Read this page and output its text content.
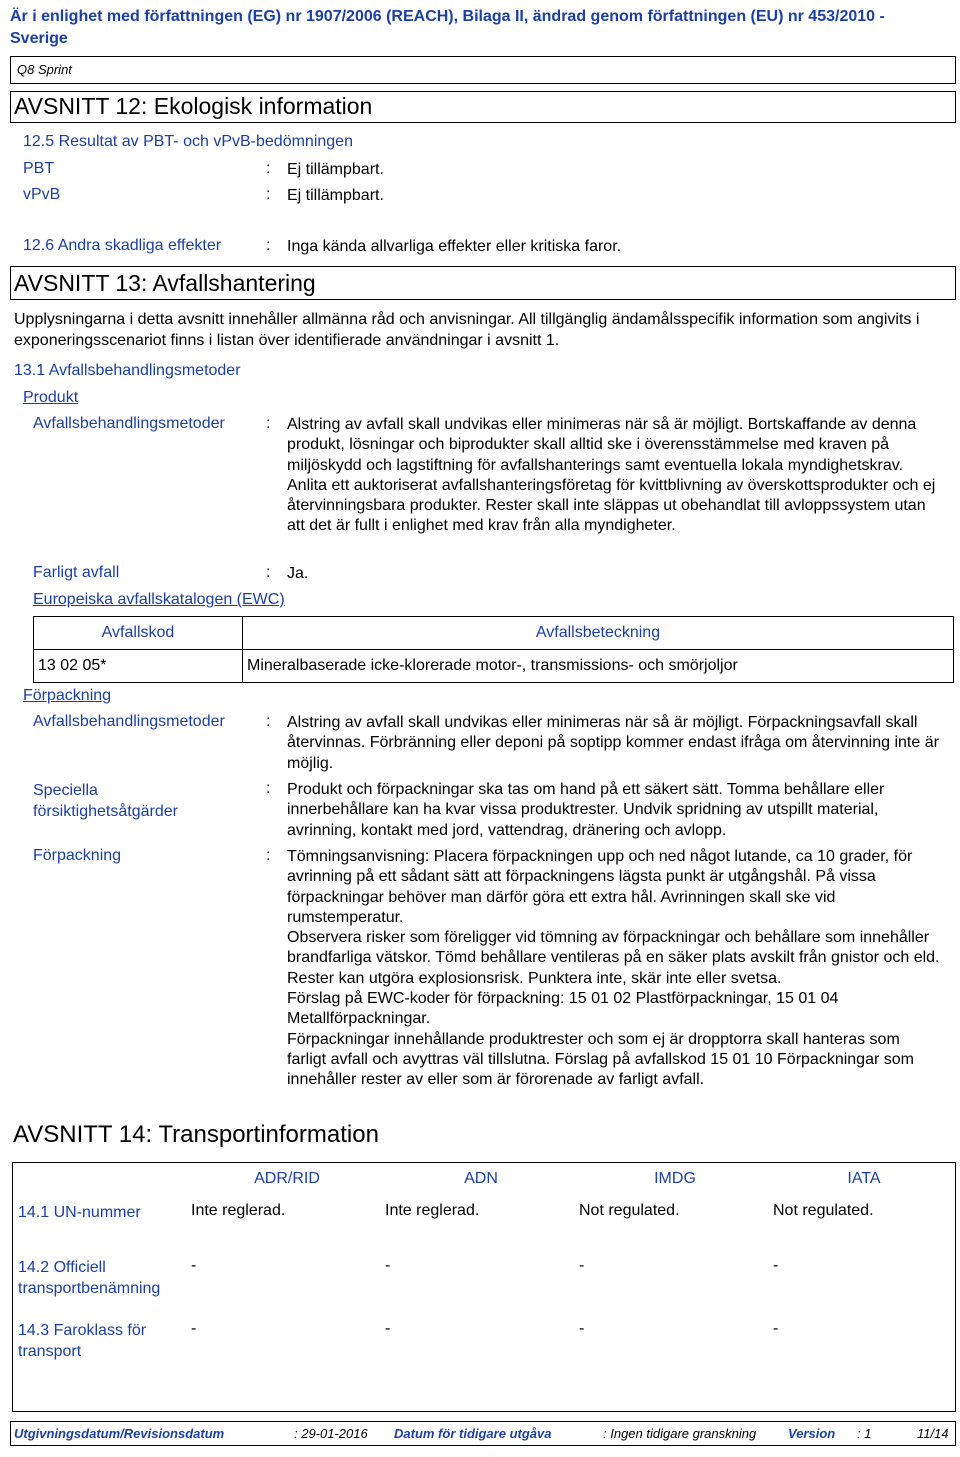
Är i enlighet med författningen (EG) nr 1907/2006 (REACH), Bilaga II, ändrad genom författningen (EU) nr 453/2010 - Sverige
Q8 Sprint
AVSNITT 12: Ekologisk information
12.5 Resultat av PBT- och vPvB-bedömningen
PBT	: Ej tillämpbart.
vPvB	: Ej tillämpbart.
12.6 Andra skadliga effekter	: Inga kända allvarliga effekter eller kritiska faror.
AVSNITT 13: Avfallshantering
Upplysningarna i detta avsnitt innehåller allmänna råd och anvisningar. All tillgänglig ändamålsspecifik information som angivits i exponeringsscenariot finns i listan över identifierade användningar i avsnitt 1.
13.1 Avfallsbehandlingsmetoder
Produkt
Avfallsbehandlingsmetoder	: Alstring av avfall skall undvikas eller minimeras när så är möjligt. Bortskaffande av denna produkt, lösningar och biprodukter skall alltid ske i överensstämmelse med kraven på miljöskydd och lagstiftning för avfallshanterings samt eventuella lokala myndighetskrav. Anlita ett auktoriserat avfallshanteringsföretag för kvittblivning av överskottsprodukter och ej återvinningsbara produkter. Rester skall inte släppas ut obehandlat till avloppssystem utan att det är fullt i enlighet med krav från alla myndigheter.
Farligt avfall	: Ja.
Europeiska avfallskatalogen (EWC)
Avfallskod	Avfallsbeteckning
13 02 05*	Mineralbaserade icke-klorerade motor-, transmissions- och smörjoljor
Förpackning
Avfallsbehandlingsmetoder	: Alstring av avfall skall undvikas eller minimeras när så är möjligt. Förpackningsavfall skall återvinnas. Förbränning eller deponi på soptipp kommer endast ifråga om återvinning inte är möjlig.
Speciella försiktighetsåtgärder
: Produkt och förpackningar ska tas om hand på ett säkert sätt. Tomma behållare eller innerbehållare kan ha kvar vissa produktrester. Undvik spridning av utspillt material, avrinning, kontakt med jord, vattendrag, dränering och avlopp.
Förpackning	: Tömningsanvisning: Placera förpackningen upp och ned något lutande, ca 10 grader, för avrinning på ett sådant sätt att förpackningens lägsta punkt är utgångshål. På vissa förpackningar behöver man därför göra ett extra hål. Avrinningen skall ske vid rumstemperatur.
Observera risker som föreligger vid tömning av förpackningar och behållare som innehåller brandfarliga vätskor. Tömd behållare ventileras på en säker plats avskilt från gnistor och eld. Rester kan utgöra explosionsrisk. Punktera inte, skär inte eller svetsa.
Förslag på EWC-koder för förpackning: 15 01 02 Plastförpackningar, 15 01 04 Metallförpackningar.
Förpackningar innehållande produktrester och som ej är dropptorra skall hanteras som farligt avfall och avyttras väl tillslutna. Förslag på avfallskod 15 01 10 Förpackningar som innehåller rester av eller som är förorenade av farligt avfall.
AVSNITT 14: Transportinformation
	ADR/RID	ADN	IMDG	IATA
14.1 UN-nummer	Inte reglerad.	Inte reglerad.	Not regulated.	Not regulated.
14.2 Officiell transportbenämning	-	-	-	-
14.3 Faroklass för transport	-	-	-	-
Utgivningsdatum/Revisionsdatum	: 29-01-2016 Datum för tidigare utgåva	: Ingen tidigare granskning Version : 1	11/14
